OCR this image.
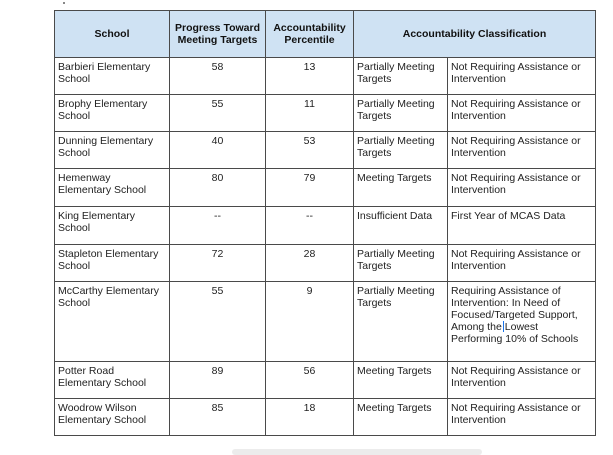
School	Progress Toward Meeting Targets	Accountability Percentile	Accountability Classification	
Barbieri Elementary School	58	13	Partially Meeting Targets	Not Requiring Assistance or Intervention
Brophy Elementary School	55	11	Partially Meeting Targets	Not Requiring Assistance or Intervention
Dunning Elementary School	40	53	Partially Meeting Targets	Not Requiring Assistance or Intervention
Hemenway Elementary School	80	79	Meeting Targets	Not Requiring Assistance or Intervention
King Elementary School	--	--	Insufficient Data	First Year of MCAS Data
Stapleton Elementary School	72	28	Partially Meeting Targets	Not Requiring Assistance or Intervention
McCarthy Elementary School	55	9	Partially Meeting Targets	Requiring Assistance of Intervention: In Need of Focused/Targeted Support, Among the Lowest Performing 10% of Schools
Potter Road Elementary School	89	56	Meeting Targets	Not Requiring Assistance or Intervention
Woodrow Wilson Elementary School	85	18	Meeting Targets	Not Requiring Assistance or Intervention
